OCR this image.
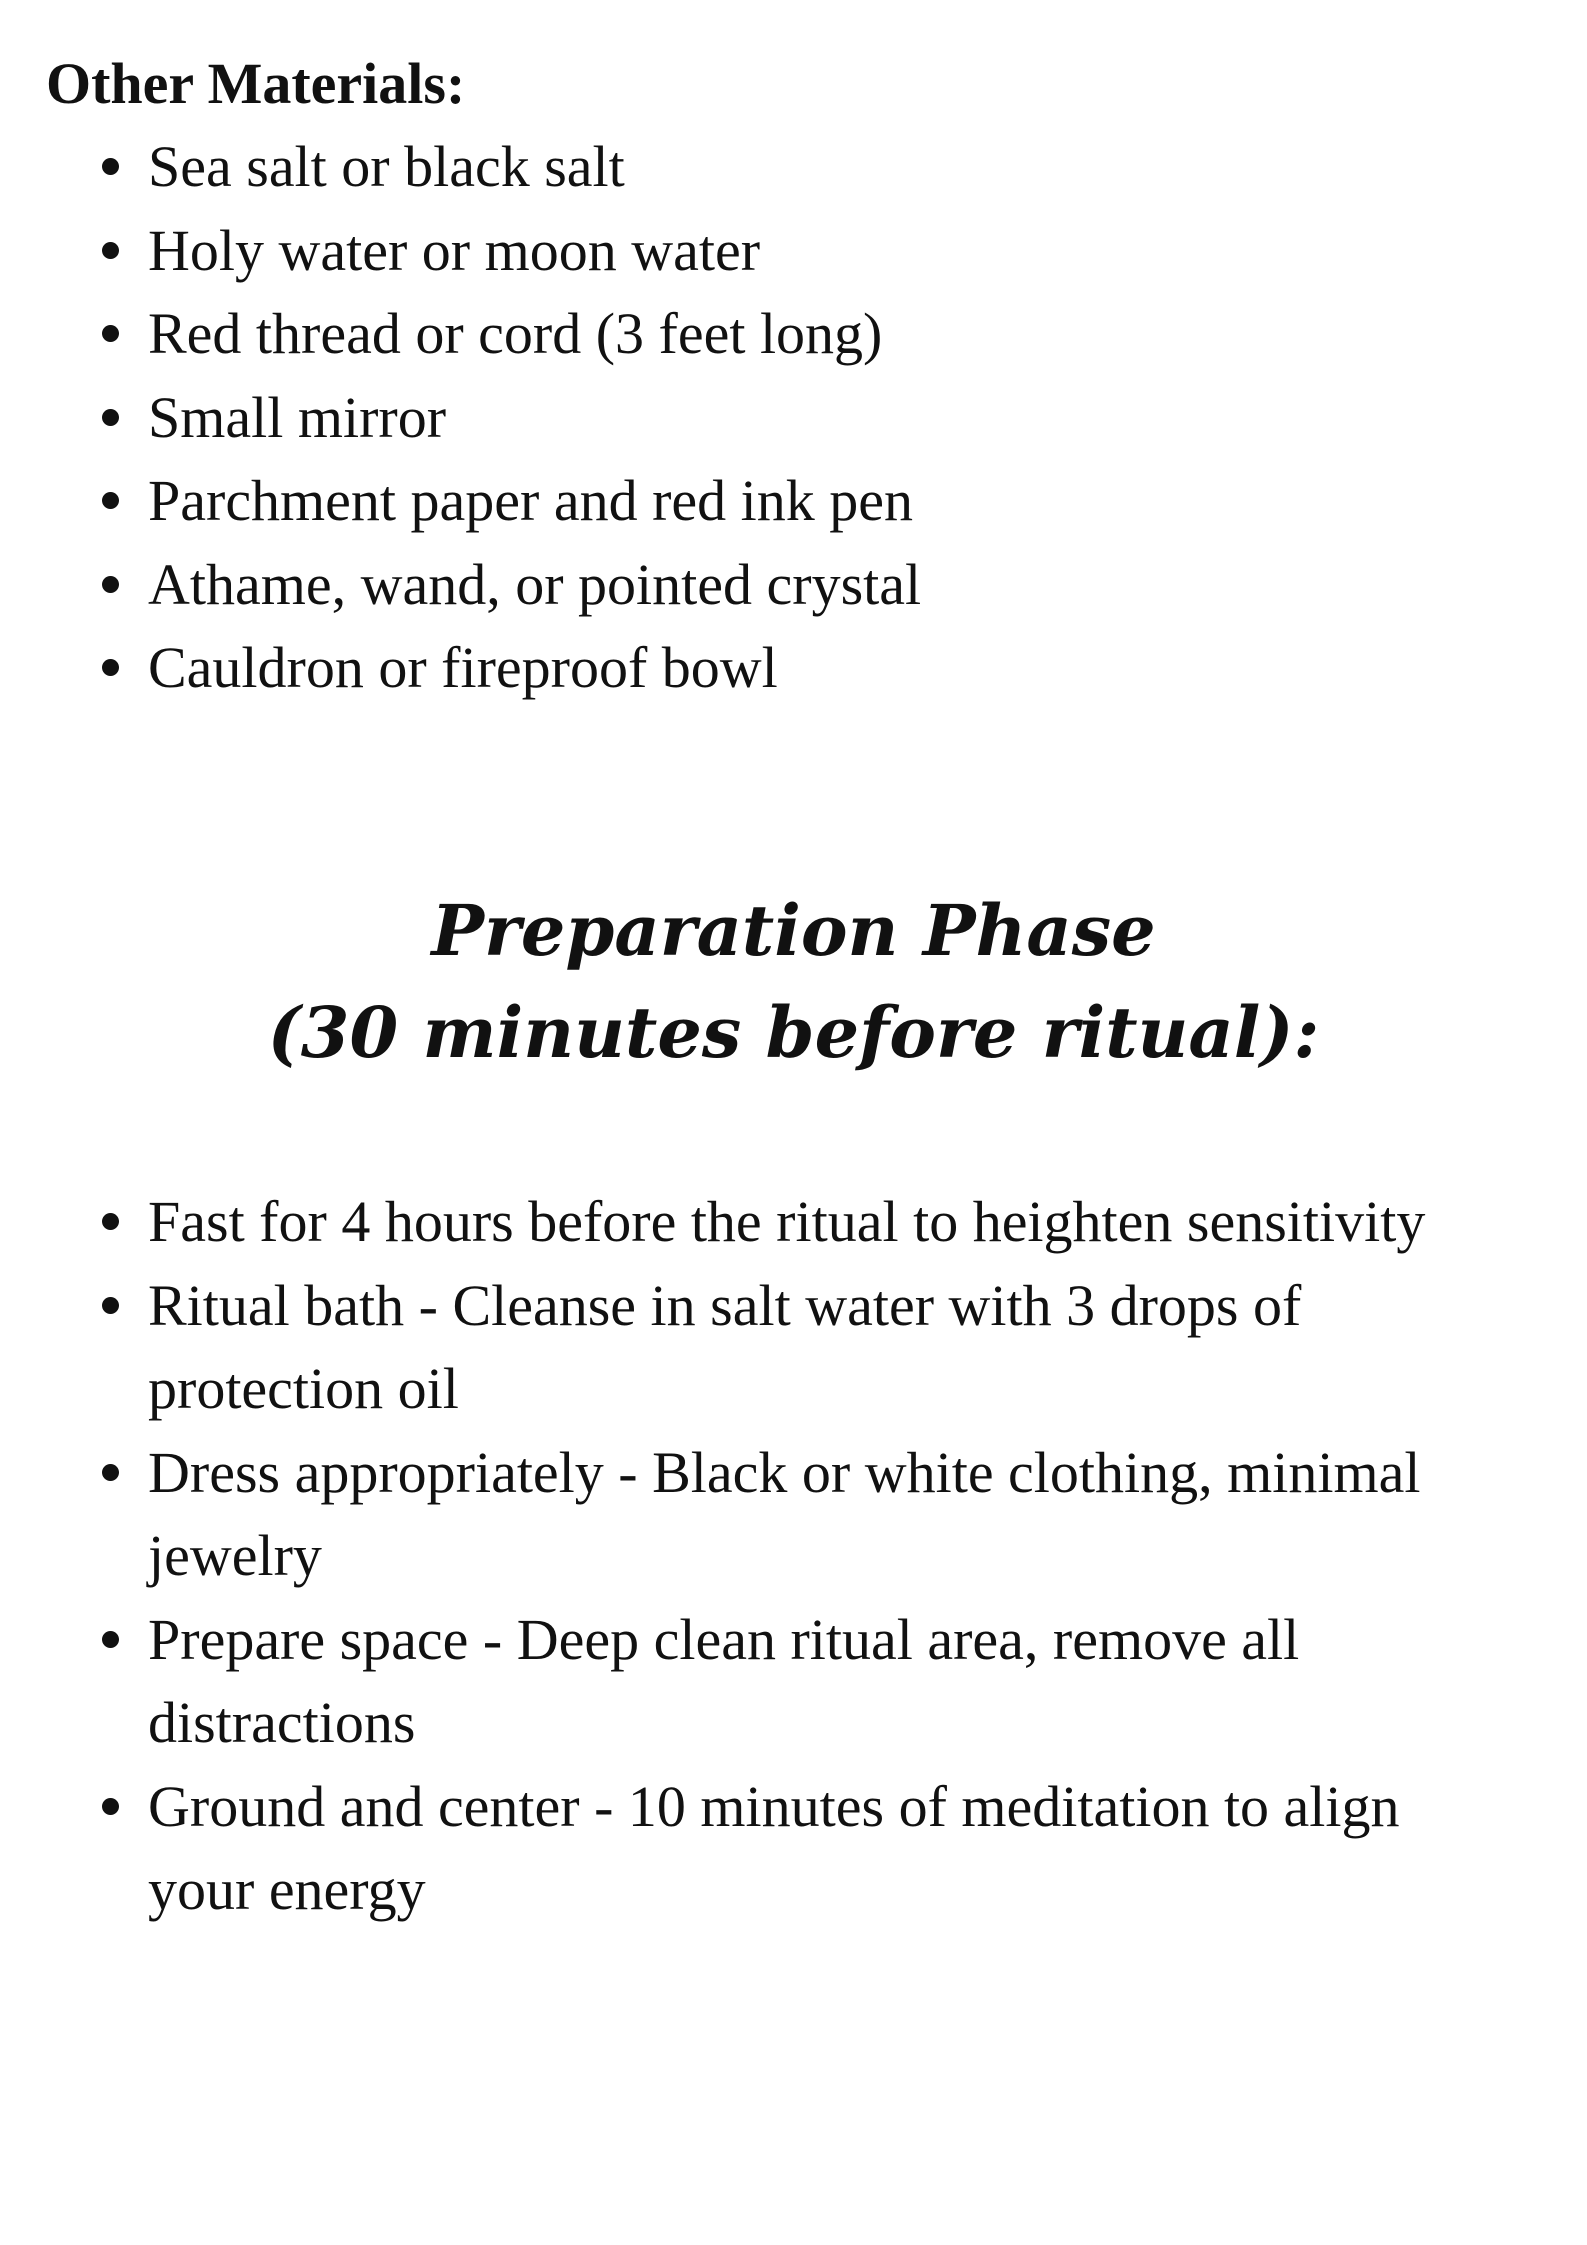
Other Materials:
Sea salt or black salt
Holy water or moon water
Red thread or cord (3 feet long)
Small mirror
Parchment paper and red ink pen
Athame, wand, or pointed crystal
Cauldron or fireproof bowl
Preparation Phase
(30 minutes before ritual):
Fast for 4 hours before the ritual to heighten sensitivity
Ritual bath - Cleanse in salt water with 3 drops of protection oil
Dress appropriately - Black or white clothing, minimal jewelry
Prepare space - Deep clean ritual area, remove all distractions
Ground and center - 10 minutes of meditation to align your energy
